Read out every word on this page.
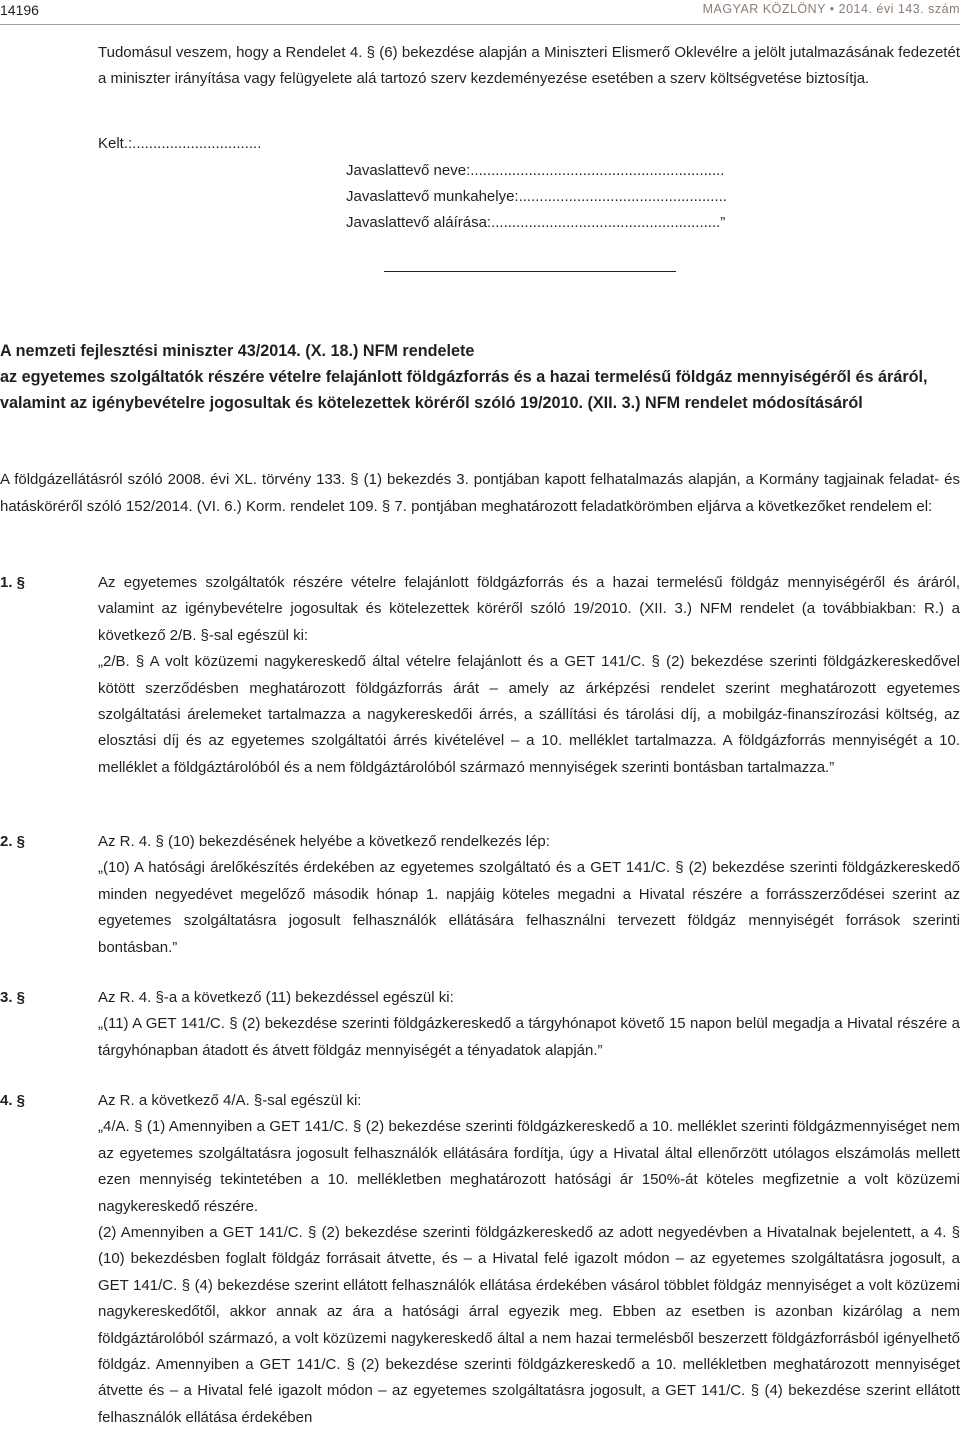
14196	MAGYAR KÖZLÖNY • 2014. évi 143. szám
Tudomásul veszem, hogy a Rendelet 4. § (6) bekezdése alapján a Miniszteri Elismerő Oklevélre a jelölt jutalmazásának fedezetét a miniszter irányítása vagy felügyelete alá tartozó szerv kezdeményezése esetében a szerv költségvetése biztosítja.
Kelt.:...............................
Javaslattevő neve:.............................................................
Javaslattevő munkahelye:..................................................
Javaslattevő aláírása:.......................................................”
A nemzeti fejlesztési miniszter 43/2014. (X. 18.) NFM rendelete
az egyetemes szolgáltatók részére vételre felajánlott földgázforrás és a hazai termelésű földgáz mennyiségéről és áráról, valamint az igénybevételre jogosultak és kötelezettek köréről szóló 19/2010. (XII. 3.) NFM rendelet módosításáról
A földgázellátásról szóló 2008. évi XL. törvény 133. § (1) bekezdés 3. pontjában kapott felhatalmazás alapján, a Kormány tagjainak feladat- és hatásköréről szóló 152/2014. (VI. 6.) Korm. rendelet 109. § 7. pontjában meghatározott feladatkörömben eljárva a következőket rendelem el:
1. §	Az egyetemes szolgáltatók részére vételre felajánlott földgázforrás és a hazai termelésű földgáz mennyiségéről és áráról, valamint az igénybevételre jogosultak és kötelezettek köréről szóló 19/2010. (XII. 3.) NFM rendelet (a továbbiakban: R.) a következő 2/B. §-sal egészül ki:

„2/B. § A volt közüzemi nagykereskedő által vételre felajánlott és a GET 141/C. § (2) bekezdése szerinti földgázkereskedővel kötött szerződésben meghatározott földgázforrás árát – amely az árképzési rendelet szerint meghatározott egyetemes szolgáltatási árelemeket tartalmazza a nagykereskedői árrés, a szállítási és tárolási díj, a mobilgáz-finanszírozási költség, az elosztási díj és az egyetemes szolgáltatói árrés kivételével – a 10. melléklet tartalmazza. A földgázforrás mennyiségét a 10. melléklet a földgáztárolóból és a nem földgáztárolóból származó mennyiségek szerinti bontásban tartalmazza.”

2. §	Az R. 4. § (10) bekezdésének helyébe a következő rendelkezés lép:

„(10) A hatósági árelőkészítés érdekében az egyetemes szolgáltató és a GET 141/C. § (2) bekezdése szerinti földgázkereskedő minden negyedévet megelőző második hónap 1. napjáig köteles megadni a Hivatal részére a forrásszerződései szerint az egyetemes szolgáltatásra jogosult felhasználók ellátására felhasználni tervezett földgáz mennyiségét források szerinti bontásban.”

3. §	Az R. 4. §-a a következő (11) bekezdéssel egészül ki:

„(11) A GET 141/C. § (2) bekezdése szerinti földgázkereskedő a tárgyhónapot követő 15 napon belül megadja a Hivatal részére a tárgyhónapban átadott és átvett földgáz mennyiségét a tényadatok alapján.”

4. §	Az R. a következő 4/A. §-sal egészül ki:

„4/A. § (1) Amennyiben a GET 141/C. § (2) bekezdése szerinti földgázkereskedő a 10. melléklet szerinti földgázmennyiséget nem az egyetemes szolgáltatásra jogosult felhasználók ellátására fordítja, úgy a Hivatal által ellenőrzött utólagos elszámolás mellett ezen mennyiség tekintetében a 10. mellékletben meghatározott hatósági ár 150%-át köteles megfizetnie a volt közüzemi nagykereskedő részére.

(2) Amennyiben a GET 141/C. § (2) bekezdése szerinti földgázkereskedő az adott negyedévben a Hivatalnak bejelentett, a 4. § (10) bekezdésben foglalt földgáz forrásait átvette, és – a Hivatal felé igazolt módon – az egyetemes szolgáltatásra jogosult, a GET 141/C. § (4) bekezdése szerint ellátott felhasználók ellátása érdekében vásárol többlet földgáz mennyiséget a volt közüzemi nagykereskedőtől, akkor annak az ára a hatósági árral egyezik meg. Ebben az esetben is azonban kizárólag a nem földgáztárolóból származó, a volt közüzemi nagykereskedő által a nem hazai termelésből beszerzett földgázforrásból igényelhető földgáz. Amennyiben a GET 141/C. § (2) bekezdése szerinti földgázkereskedő a 10. mellékletben meghatározott mennyiséget átvette és – a Hivatal felé igazolt módon – az egyetemes szolgáltatásra jogosult, a GET 141/C. § (4) bekezdése szerint ellátott felhasználók ellátása érdekében
